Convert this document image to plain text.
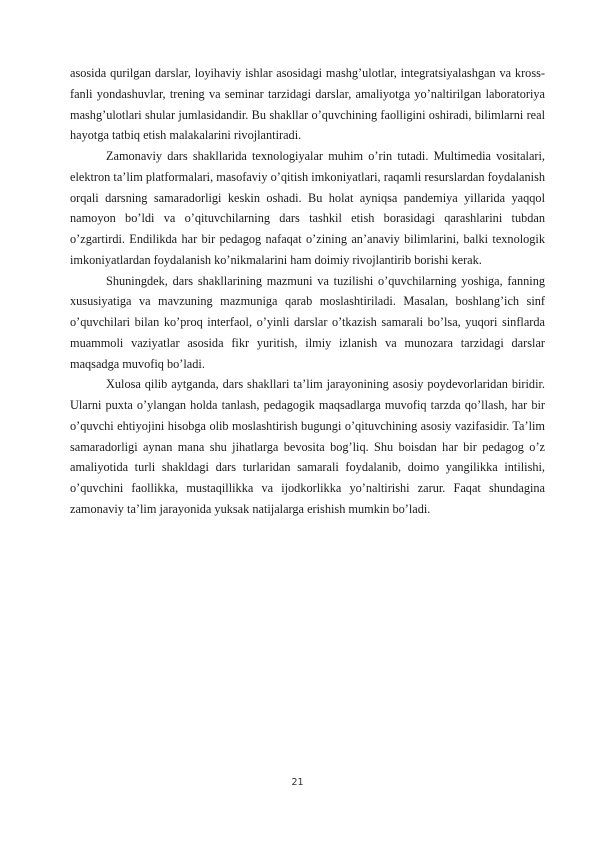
asosida qurilgan darslar, loyihaviy ishlar asosidagi mashg’ulotlar, integratsiyalashgan va kross-fanli yondashuvlar, trening va seminar tarzidagi darslar, amaliyotga yo’naltirilgan laboratoriya mashg’ulotlari shular jumlasidandir. Bu shakllar o’quvchining faolligini oshiradi, bilimlarni real hayotga tatbiq etish malakalarini rivojlantiradi.

Zamonaviy dars shakllarida texnologiyalar muhim o’rin tutadi. Multimedia vositalari, elektron ta’lim platformalari, masofaviy o’qitish imkoniyatlari, raqamli resurslardan foydalanish orqali darsning samaradorligi keskin oshadi. Bu holat ayniqsa pandemiya yillarida yaqqol namoyon bo’ldi va o’qituvchilarning dars tashkil etish borasidagi qarashlarini tubdan o’zgartirdi. Endilikda har bir pedagog nafaqat o’zining an’anaviy bilimlarini, balki texnologik imkoniyatlardan foydalanish ko’nikmalarini ham doimiy rivojlantirib borishi kerak.

Shuningdek, dars shakllarining mazmuni va tuzilishi o’quvchilarning yoshiga, fanning xususiyatiga va mavzuning mazmuniga qarab moslashtiriladi. Masalan, boshlang’ich sinf o’quvchilari bilan ko’proq interfaol, o’yinli darslar o’tkazish samarali bo’lsa, yuqori sinflarda muammoli vaziyatlar asosida fikr yuritish, ilmiy izlanish va munozara tarzidagi darslar maqsadga muvofiq bo’ladi.

Xulosa qilib aytganda, dars shakllari ta’lim jarayonining asosiy poydevorlaridan biridir. Ularni puxta o’ylangan holda tanlash, pedagogik maqsadlarga muvofiq tarzda qo’llash, har bir o’quvchi ehtiyojini hisobga olib moslashtirish bugungi o’qituvchining asosiy vazifasidir. Ta’lim samaradorligi aynan mana shu jihatlarga bevosita bog’liq. Shu boisdan har bir pedagog o’z amaliyotida turli shakldagi dars turlaridan samarali foydalanib, doimo yangilikka intilishi, o’quvchini faollikka, mustaqillikka va ijodkorlikka yo’naltirishi zarur. Faqat shundagina zamonaviy ta’lim jarayonida yuksak natijalarga erishish mumkin bo’ladi.

21
